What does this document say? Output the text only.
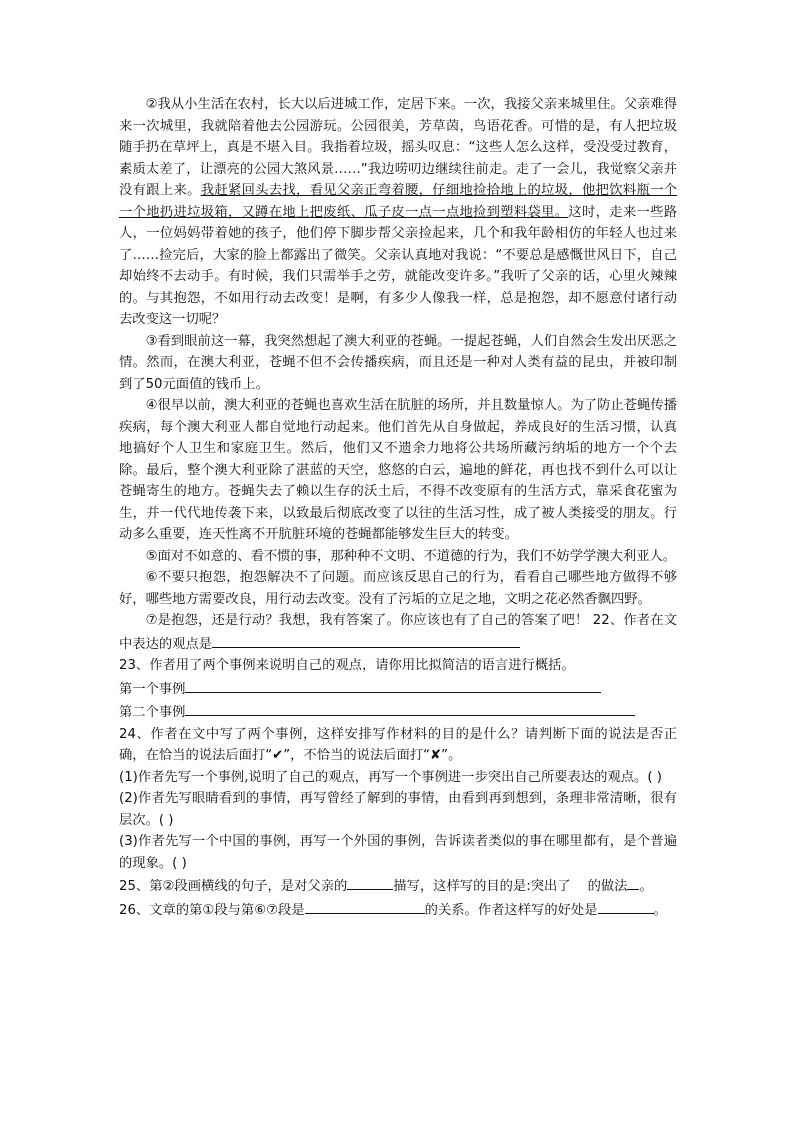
②我从小生活在农村，长大以后进城工作，定居下来。一次，我接父亲来城里住。父亲难得来一次城里，我就陪着他去公园游玩。公园很美，芳草茵，鸟语花香。可惜的是，有人把垃圾随手扔在草坪上，真是不堪入目。我指着垃圾，摇头叹息：“这些人怎么这样，受没受过教育，素质太差了，让漂亮的公园大煞风景……”我边唠叨边继续往前走。走了一会儿，我觉察父亲并没有跟上来。我赶紧回头去找，看见父亲正弯着腰，仔细地捡拾地上的垃圾，他把饮料瓶一个一个地扔进垃圾箱，又蹲在地上把废纸、瓜子皮一点一点地捡到塑料袋里。这时，走来一些路人，一位妈妈带着她的孩子，他们停下脚步帮父亲捡起来，几个和我年龄相仿的年轻人也过来了……捡完后，大家的脸上都露出了微笑。父亲认真地对我说：“不要总是感慨世风日下，自己却始终不去动手。有时候，我们只需举手之劳，就能改变许多。”我听了父亲的话，心里火辣辣的。与其抱怨，不如用行动去改变！是啊，有多少人像我一样，总是抱怨，却不愿意付诸行动去改变这一切呢？

③看到眼前这一幕，我突然想起了澳大利亚的苍蝇。一提起苍蝇，人们自然会生发出厌恶之情。然而，在澳大利亚，苍蝇不但不会传播疾病，而且还是一种对人类有益的昆虫，并被印制到了50元面值的钱币上。

④很早以前，澳大利亚的苍蝇也喜欢生活在肮脏的场所，并且数量惊人。为了防止苍蝇传播疾病，每个澳大利亚人都自觉地行动起来。他们首先从自身做起，养成良好的生活习惯，认真地搞好个人卫生和家庭卫生。然后，他们又不遗余力地将公共场所藏污纳垢的地方一个个去除。最后，整个澳大利亚除了湛蓝的天空，悠悠的白云，遍地的鲜花，再也找不到什么可以让苍蝇寄生的地方。苍蝇失去了赖以生存的沃土后，不得不改变原有的生活方式，靠采食花蜜为生，并一代代地传袭下来，以致最后彻底改变了以往的生活习性，成了被人类接受的朋友。行动多么重要，连天性离不开肮脏环境的苍蝇都能够发生巨大的转变。

⑤面对不如意的、看不惯的事，那种种不文明、不道德的行为，我们不妨学学澳大利亚人。

⑥不要只抱怨，抱怨解决不了问题。而应该反思自己的行为，看看自己哪些地方做得不够好，哪些地方需要改良，用行动去改变。没有了污垢的立足之地，文明之花必然香飘四野。

⑦是抱怨，还是行动？我想，我有答案了。你应该也有了自己的答案了吧！ 22、作者在文中表达的观点是

23、作者用了两个事例来说明自己的观点，请你用比拟简洁的语言进行概括。

第一个事例

第二个事例

24、作者在文中写了两个事例，这样安排写作材料的目的是什么？请判断下面的说法是否正确，在恰当的说法后面打“✔”，不恰当的说法后面打“✘”。

(1)作者先写一个事例,说明了自己的观点，再写一个事例进一步突出自己所要表达的观点。( )

(2)作者先写眼睛看到的事情，再写曾经了解到的事情，由看到再到想到，条理非常清晰，很有层次。( )

(3)作者先写一个中国的事例，再写一个外国的事例，告诉读者类似的事在哪里都有，是个普遍的现象。( )

25、第②段画横线的句子，是对父亲的	描写，这样写的目的是:突出了 的做法 。

26、文章的第①段与第⑥⑦段是	的关系。作者这样写的好处是	。
